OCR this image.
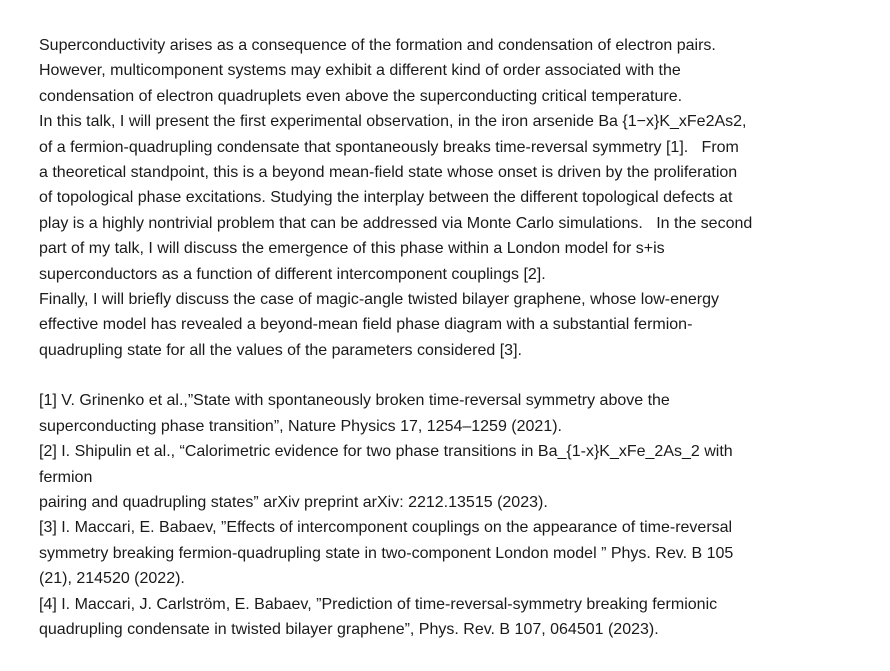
Superconductivity arises as a consequence of the formation and condensation of electron pairs.
However, multicomponent systems may exhibit a different kind of order associated with the
condensation of electron quadruplets even above the superconducting critical temperature.
In this talk, I will present the first experimental observation, in the iron arsenide Ba {1−x}K_xFe2As2,
of a fermion-quadrupling condensate that spontaneously breaks time-reversal symmetry [1].   From
a theoretical standpoint, this is a beyond mean-field state whose onset is driven by the proliferation
of topological phase excitations. Studying the interplay between the different topological defects at
play is a highly nontrivial problem that can be addressed via Monte Carlo simulations.   In the second
part of my talk, I will discuss the emergence of this phase within a London model for s+is
superconductors as a function of different intercomponent couplings [2].
Finally, I will briefly discuss the case of magic-angle twisted bilayer graphene, whose low-energy
effective model has revealed a beyond-mean field phase diagram with a substantial fermion-
quadrupling state for all the values of the parameters considered [3].
[1] V. Grinenko et al.,”State with spontaneously broken time-reversal symmetry above the
superconducting phase transition”, Nature Physics 17, 1254–1259 (2021).
[2] I. Shipulin et al., “Calorimetric evidence for two phase transitions in Ba_{1-x}K_xFe_2As_2 with
fermion
pairing and quadrupling states” arXiv preprint arXiv: 2212.13515 (2023).
[3] I. Maccari, E. Babaev, ”Effects of intercomponent couplings on the appearance of time-reversal
symmetry breaking fermion-quadrupling state in two-component London model ” Phys. Rev. B 105
(21), 214520 (2022).
[4] I. Maccari, J. Carlström, E. Babaev, ”Prediction of time-reversal-symmetry breaking fermionic
quadrupling condensate in twisted bilayer graphene”, Phys. Rev. B 107, 064501 (2023).
